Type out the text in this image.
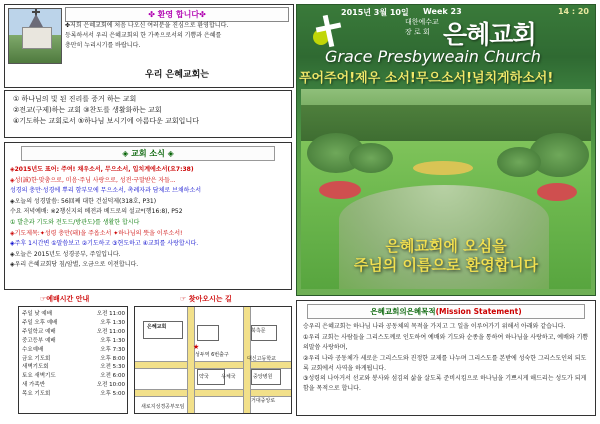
✤ 환영 합니다✤

✤저희 은혜교회에 처음 나오신 여러분을 진심으로 환영합니다.

등록하셔서 우리 은혜교회의 한 가족으로서의 기쁨과 은혜를

충만히 누리시기를 바랍니다.

우리 은혜교회는
① 하나님의 빛 된 진리를 증거 하는 교회
②전교(구제)하는 교회 ③찬도를 생활화하는 교회
④기도하는 교회로서 ⑤하나님 보시기에 아름다운 교회입니다
◈ 교회 소식 ◈

◈2015년도 표어: 주여! 채우소서, 무으소서, 입치계에소서(요7:38)

◈성(誠)한·맞춤으로, 미음·주님 사랑으로, 성전·구말받은 자들...

성경의 충만·성경에 뿌리 함부모에 무으소서, 촉례자과 담체로 브채하소서

◈오늘의 성경말씀: 56回째 대한 건설덕제(318호, P31)

수요 저녁예배: ※2챙신지의 베전과 베드로의 설교*(행16:8), P52

① 발춘과 기도와 전도드/방관도)를 생활한 합시다

◈기도제목:✦성령 충만(돼)을 주옵소서 ✦하나님의 뜻을 이루소서!

◈주후 1시간변 ①말씀보고 ②기도하고 ③현도하고 ④교회를 사랑합시다.

◈오늘은 2015년도 성경공부, 주일입니다.

◈우리 은혜교회당 침/암별, 오금으로 이전합니다.

☞예배시간 안내	☞ 찾아오시는 길
주일 낮 예배	오전 11:00
주일 오후 예배	오후 1:30
주일학교 예배	오전 11:00
중고등부 예배	오후 1:30
수요예배	오후 7:30
금요 기도회	오후 8:00
새벽기도회	오전 5:30
토요 새벽기도	오전 6:00
새 가족반	오전 10:00
목요 기도회	오후 5:00
은혜교회
★
성두역 6번출구
북측문
대신고등학교
약국 우체국	중앙병원
거대중앙로
새로지성경공부모임
2015년 3월 10일 Week 23	14 : 20
대한예수교
장 로 회 은혜교회
Grace Presbyweain Church
푸어주어!제우 소서!무으소서!넘치게하소서!
은혜교회에 오심을
주님의 이름으로 환영합니다
은혜교회의은혜목적(Mission Statement)

승우리 은혜교회는 하나님 나라 공동체의 목적을 가지고 그 일을 이루어가기 위해서 아래와 같습니다.

①우리 교회는 사람들을 그리스도께로 인도하여 예배와 기도와 순종을 통하여 하나님을 사랑하고, 예배와 기쁨의말씀 사랑하며,

②우리 나라 공동체가 세로운 그리스도와 진정한 교제를 나누며 그리스도를 본받에 성숙한 그리스도인의 되도록 교회에서 사역을 하게됩니다.

③성령의 나아거서 선교와 봉사와 섬김의 삶을 살도록 준비시킴으로 하나님을 기쁘시게 해드리는 성도가 되게 함을 목적으로 합니다.
